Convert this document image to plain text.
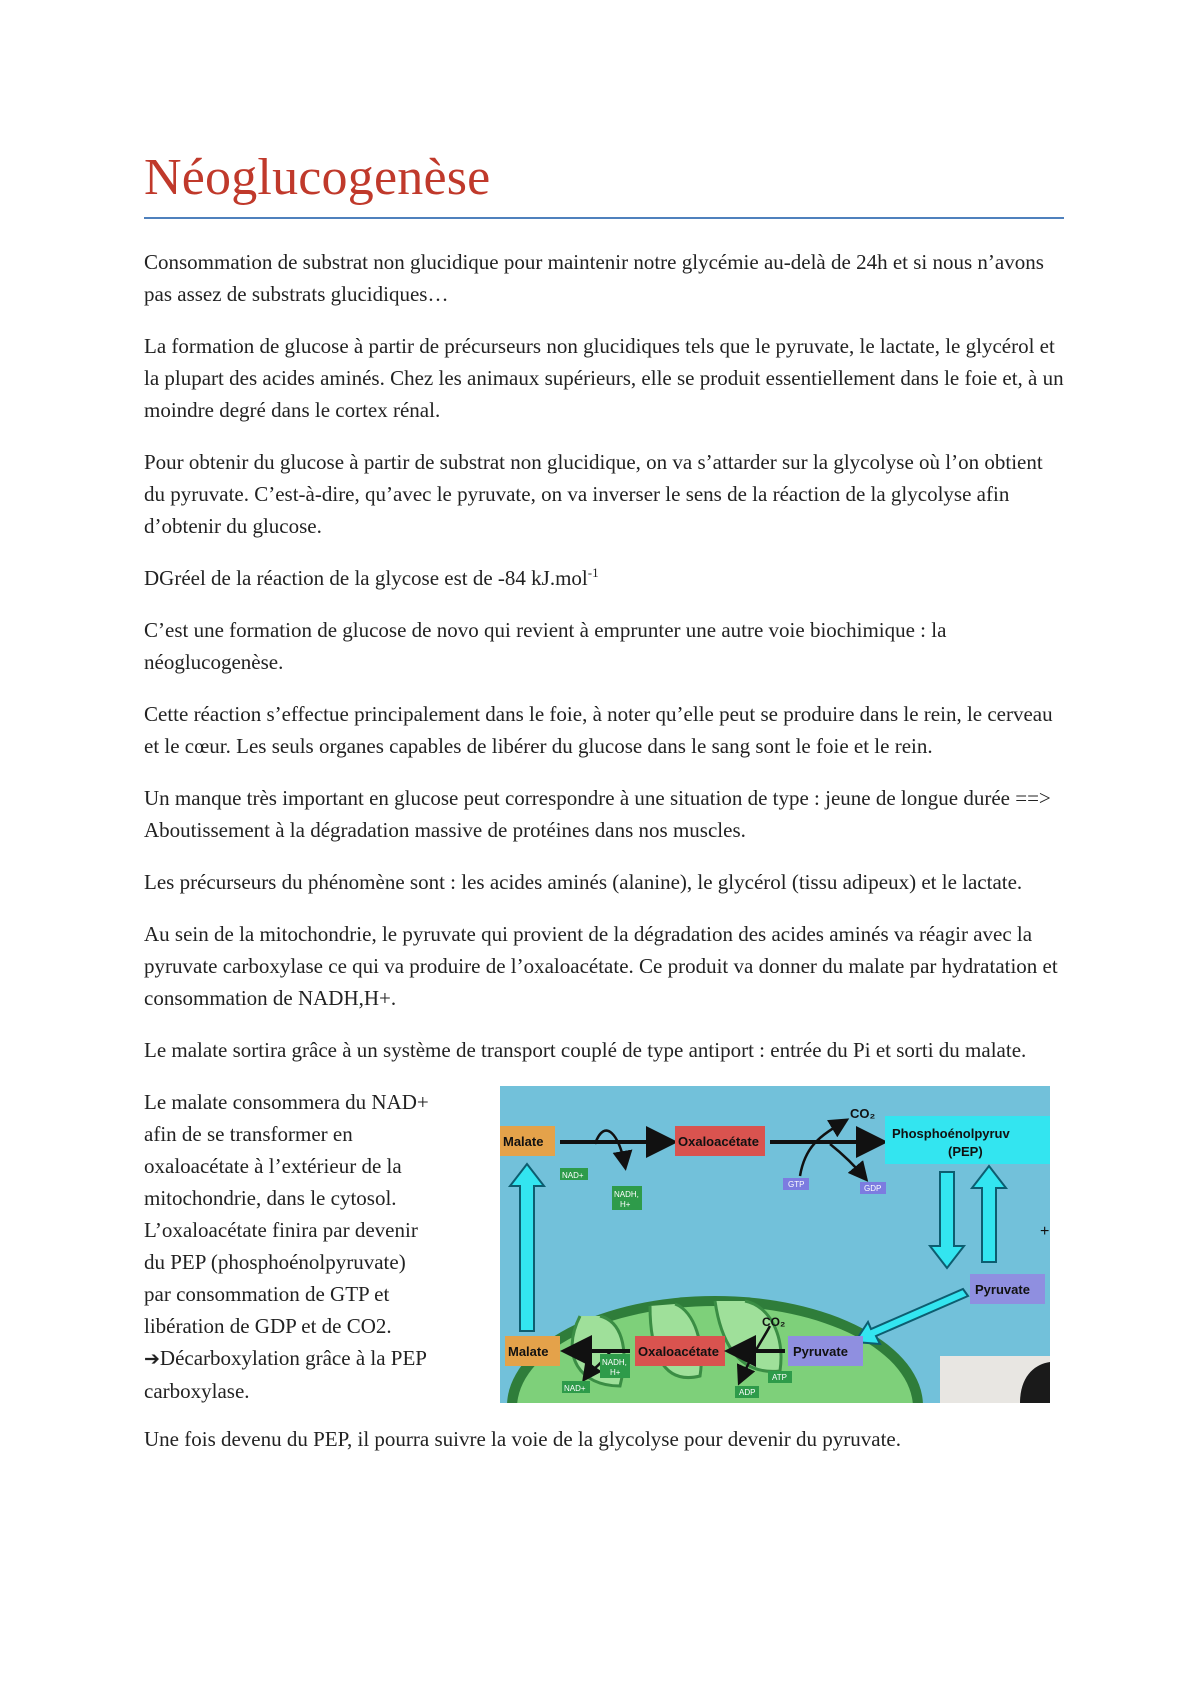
Néoglucogenèse

Consommation de substrat non glucidique pour maintenir notre glycémie au-delà de 24h et si nous n’avons pas assez de substrats glucidiques…

La formation de glucose à partir de précurseurs non glucidiques tels que le pyruvate, le lactate, le glycérol et la plupart des acides aminés. Chez les animaux supérieurs, elle se produit essentiellement dans le foie et, à un moindre degré dans le cortex rénal.

Pour obtenir du glucose à partir de substrat non glucidique, on va s’attarder sur la glycolyse où l’on obtient du pyruvate. C’est-à-dire, qu’avec le pyruvate, on va inverser le sens de la réaction de la glycolyse afin d’obtenir du glucose.

DGréel de la réaction de la glycose est de -84 kJ.mol$^{-1}$

C’est une formation de glucose de novo qui revient à emprunter une autre voie biochimique : la néoglucogenèse.

Cette réaction s’effectue principalement dans le foie, à noter qu’elle peut se produire dans le rein, le cerveau et le cœur. Les seuls organes capables de libérer du glucose dans le sang sont le foie et le rein.

Un manque très important en glucose peut correspondre à une situation de type : jeune de longue durée ==> Aboutissement à la dégradation massive de protéines dans nos muscles.

Les précurseurs du phénomène sont : les acides aminés (alanine), le glycérol (tissu adipeux) et le lactate.

Au sein de la mitochondrie, le pyruvate qui provient de la dégradation des acides aminés va réagir avec la pyruvate carboxylase ce qui va produire de l’oxaloacétate. Ce produit va donner du malate par hydratation et consommation de NADH,H+.

Le malate sortira grâce à un système de transport couplé de type antiport : entrée du Pi et sorti du malate.

Le malate consommera du NAD+
afin de se transformer en
oxaloacétate à l’extérieur de la
mitochondrie, dans le cytosol.
L’oxaloacétate finira par devenir
du PEP (phosphoénolpyruvate)
par consommation de GTP et
libération de GDP et de CO2.
➔Décarboxylation grâce à la PEP
carboxylase.
Malate
NAD+
NADH,
H+
Oxaloacétate
GTP	GDP
CO₂
Phosphoénolpyruv
(PEP)
+
Pyruvate
Malate
NADH,
H+
NAD+
Oxaloacétate
CO₂
ATP
ADP
Pyruvate

Une fois devenu du PEP, il pourra suivre la voie de la glycolyse pour devenir du pyruvate.
